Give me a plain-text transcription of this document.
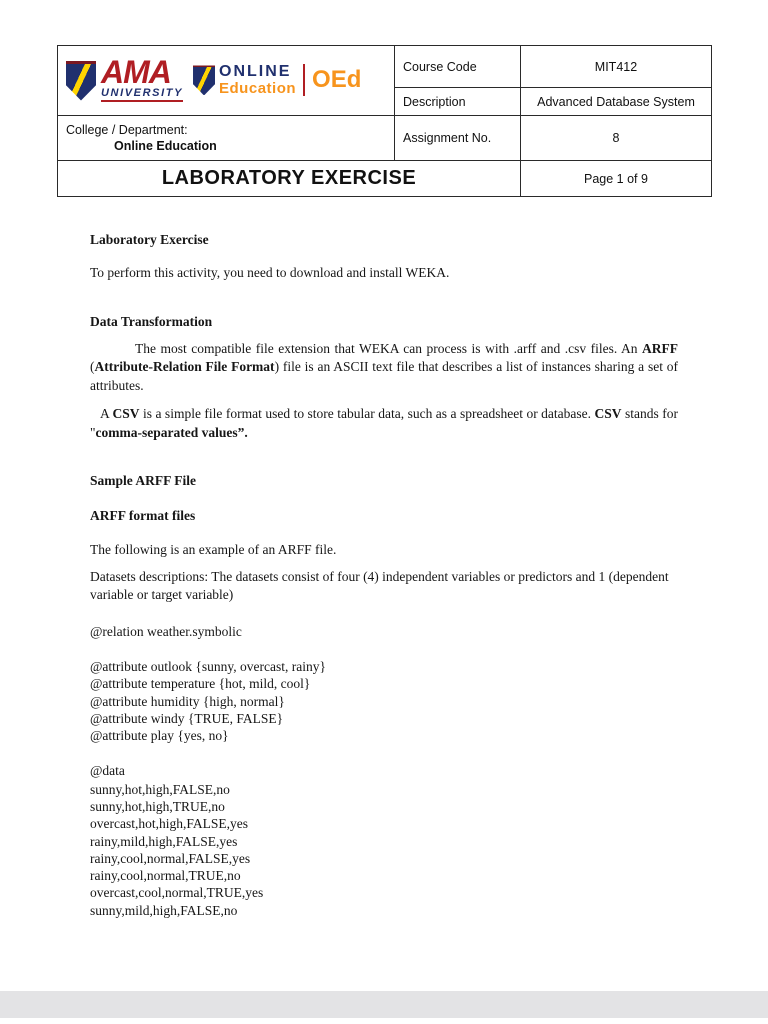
AMA
UNIVERSITY
ONLINE
Education OEd	Course Code	MIT412
	Description	Advanced Database System

College / Department:
Online Education	Assignment No.	8
LABORATORY EXERCISE		Page 1 of 9

Laboratory Exercise

To perform this activity, you need to download and install WEKA.

Data Transformation

The most compatible file extension that WEKA can process is with .arff and .csv files. An ARFF (Attribute-Relation File Format) file is an ASCII text file that describes a list of instances sharing a set of attributes.

A CSV is a simple file format used to store tabular data, such as a spreadsheet or database. CSV stands for "comma-separated values”.

Sample ARFF File

ARFF format files

The following is an example of an ARFF file.

Datasets descriptions: The datasets consist of four (4) independent variables or predictors and 1 (dependent variable or target variable)

@relation weather.symbolic

@attribute outlook {sunny, overcast, rainy}
@attribute temperature {hot, mild, cool}
@attribute humidity {high, normal}
@attribute windy {TRUE, FALSE}
@attribute play {yes, no}

@data

sunny,hot,high,FALSE,no
sunny,hot,high,TRUE,no
overcast,hot,high,FALSE,yes
rainy,mild,high,FALSE,yes
rainy,cool,normal,FALSE,yes
rainy,cool,normal,TRUE,no
overcast,cool,normal,TRUE,yes
sunny,mild,high,FALSE,no
